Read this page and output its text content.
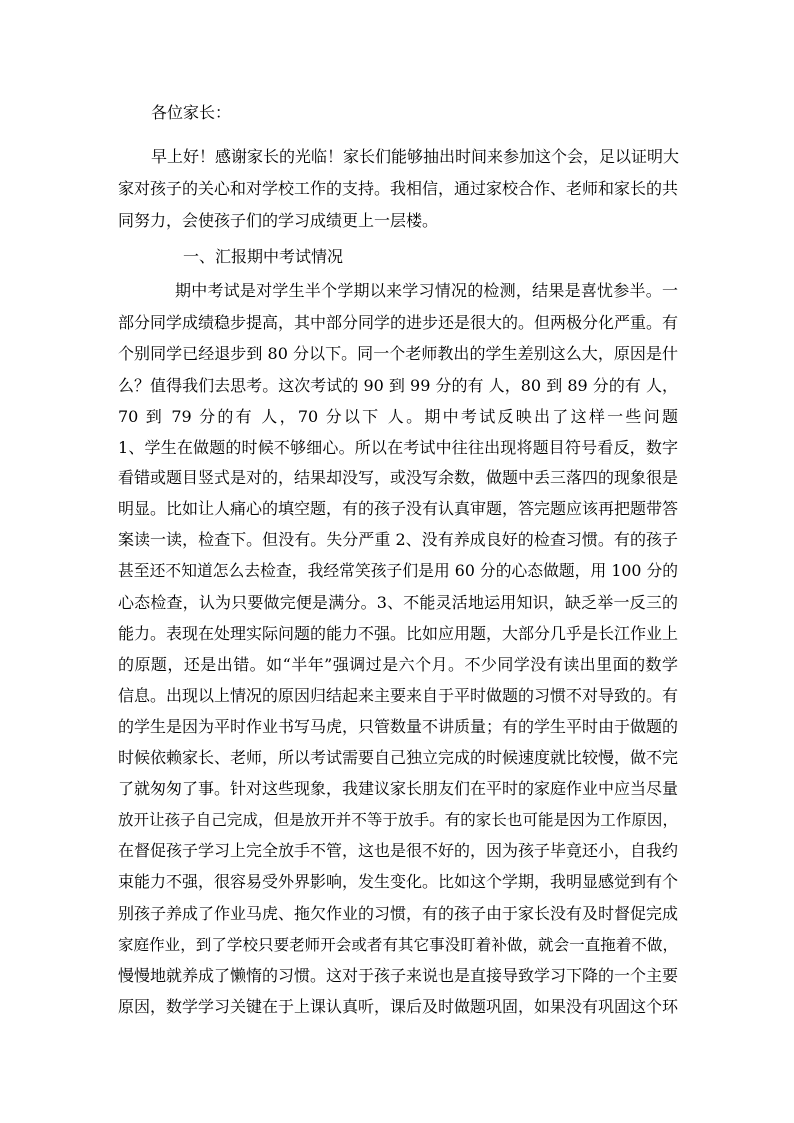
各位家长：
早上好！感谢家长的光临！家长们能够抽出时间来参加这个会，足以证明大
家对孩子的关心和对学校工作的支持。我相信，通过家校合作、老师和家长的共
同努力，会使孩子们的学习成绩更上一层楼。
一、汇报期中考试情况
期中考试是对学生半个学期以来学习情况的检测，结果是喜忧参半。一
部分同学成绩稳步提高，其中部分同学的进步还是很大的。但两极分化严重。有
个别同学已经退步到 80 分以下。同一个老师教出的学生差别这么大，原因是什
么？值得我们去思考。这次考试的 90 到 99 分的有 人，80 到 89 分的有 人，
70 到 79 分的有 人，70 分以下 人。期中考试反映出了这样一些问题
1、学生在做题的时候不够细心。所以在考试中往往出现将题目符号看反，数字
看错或题目竖式是对的，结果却没写，或没写余数，做题中丢三落四的现象很是
明显。比如让人痛心的填空题，有的孩子没有认真审题，答完题应该再把题带答
案读一读，检查下。但没有。失分严重 2、没有养成良好的检查习惯。有的孩子
甚至还不知道怎么去检查，我经常笑孩子们是用 60 分的心态做题，用 100 分的
心态检查，认为只要做完便是满分。3、不能灵活地运用知识，缺乏举一反三的
能力。表现在处理实际问题的能力不强。比如应用题，大部分几乎是长江作业上
的原题，还是出错。如“半年”强调过是六个月。不少同学没有读出里面的数学
信息。出现以上情况的原因归结起来主要来自于平时做题的习惯不对导致的。有
的学生是因为平时作业书写马虎，只管数量不讲质量；有的学生平时由于做题的
时候依赖家长、老师，所以考试需要自己独立完成的时候速度就比较慢，做不完
了就匆匆了事。针对这些现象，我建议家长朋友们在平时的家庭作业中应当尽量
放开让孩子自己完成，但是放开并不等于放手。有的家长也可能是因为工作原因，
在督促孩子学习上完全放手不管，这也是很不好的，因为孩子毕竟还小，自我约
束能力不强，很容易受外界影响，发生变化。比如这个学期，我明显感觉到有个
别孩子养成了作业马虎、拖欠作业的习惯，有的孩子由于家长没有及时督促完成
家庭作业，到了学校只要老师开会或者有其它事没盯着补做，就会一直拖着不做，
慢慢地就养成了懒惰的习惯。这对于孩子来说也是直接导致学习下降的一个主要
原因，数学学习关键在于上课认真听，课后及时做题巩固，如果没有巩固这个环
